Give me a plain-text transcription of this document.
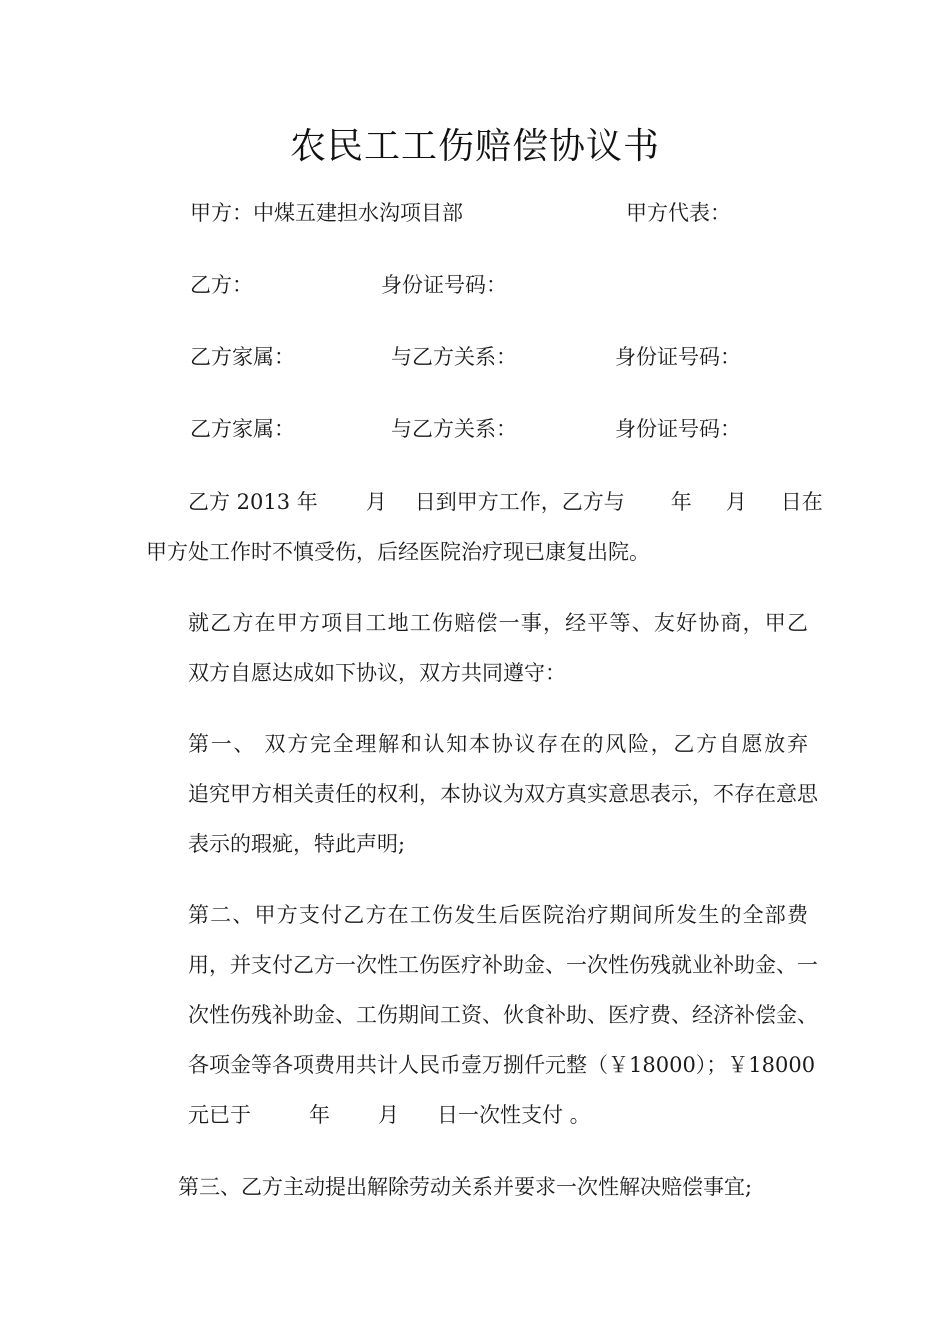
农民工工伤赔偿协议书
甲方：中煤五建担水沟项目部	甲方代表：
乙方：	身份证号码：
乙方家属：	与乙方关系：	身份证号码：
乙方家属：	与乙方关系：	身份证号码：
乙方 2013 年 月 日到甲方工作，乙方与 年 月 日在
甲方处工作时不慎受伤，后经医院治疗现已康复出院。
就乙方在甲方项目工地工伤赔偿一事，经平等、友好协商，甲乙
双方自愿达成如下协议，双方共同遵守：
第一、 双方完全理解和认知本协议存在的风险，乙方自愿放弃
追究甲方相关责任的权利，本协议为双方真实意思表示，不存在意思
表示的瑕疵，特此声明;
第二、甲方支付乙方在工伤发生后医院治疗期间所发生的全部费
用，并支付乙方一次性工伤医疗补助金、一次性伤残就业补助金、一
次性伤残补助金、工伤期间工资、伙食补助、医疗费、经济补偿金、
各项金等各项费用共计人民币壹万捌仟元整（￥18000）；￥18000
元已于	年 月 日一次性支付 。
第三、乙方主动提出解除劳动关系并要求一次性解决赔偿事宜;
